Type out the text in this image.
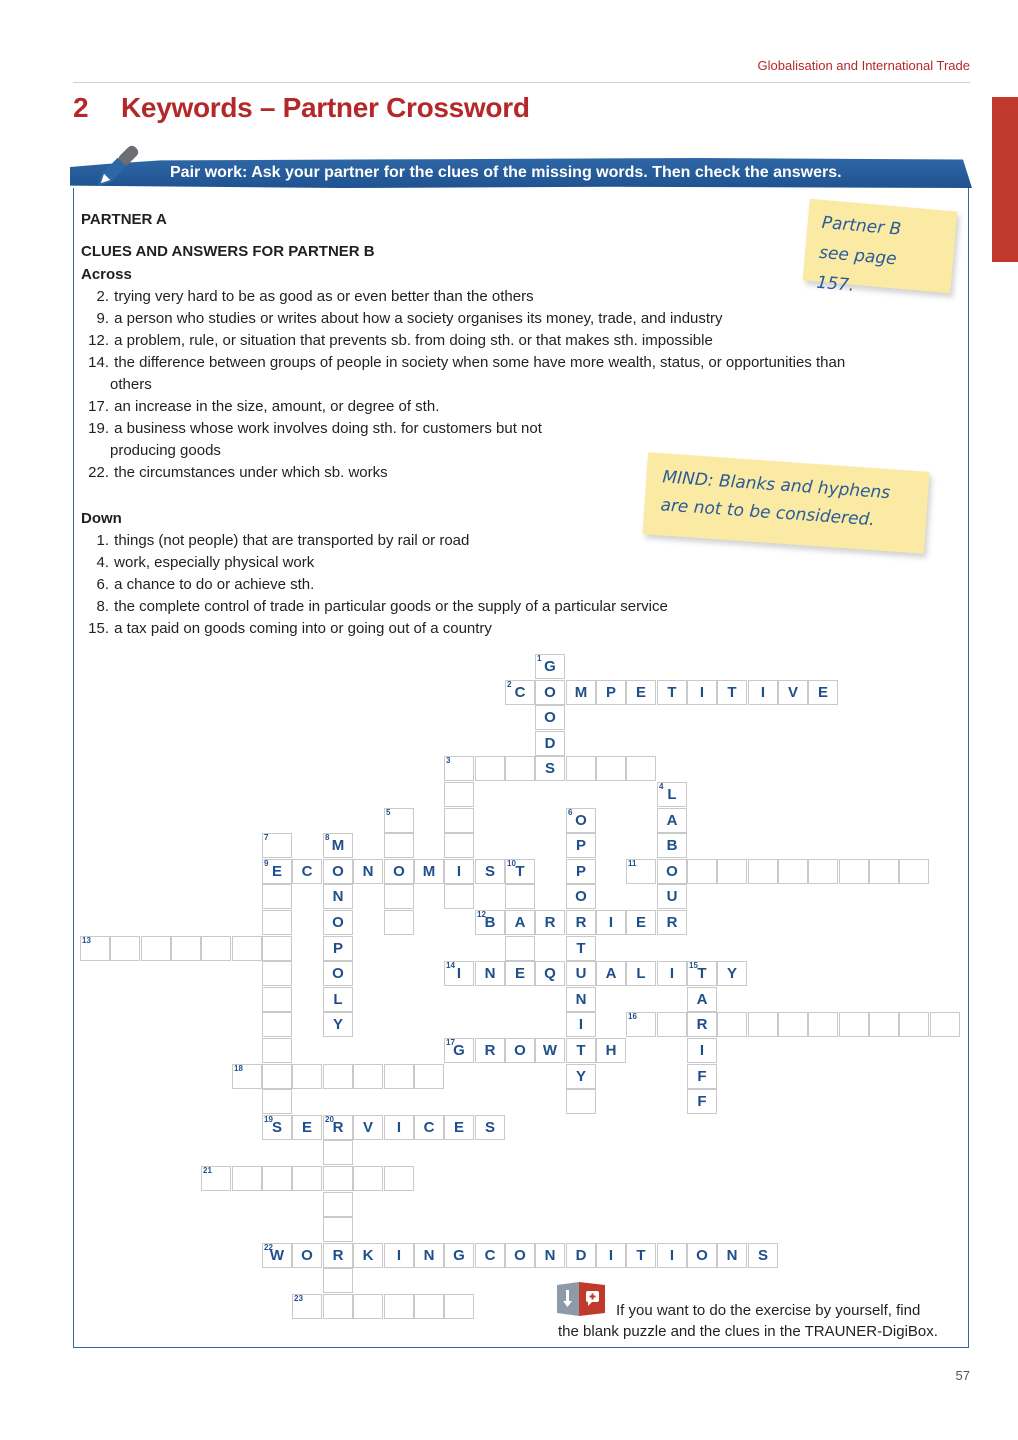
Globalisation and International Trade
2 Keywords – Partner Crossword
Pair work: Ask your partner for the clues of the missing words. Then check the answers.
PARTNER A
CLUES AND ANSWERS FOR PARTNER B
Across
2. trying very hard to be as good as or even better than the others
9. a person who studies or writes about how a society organises its money, trade, and industry
12. a problem, rule, or situation that prevents sb. from doing sth. or that makes sth. impossible
14. the difference between groups of people in society when some have more wealth, status, or opportunities than
others
17. an increase in the size, amount, or degree of sth.
19. a business whose work involves doing sth. for customers but not
producing goods
22. the circumstances under which sb. works
Down
1. things (not people) that are transported by rail or road
4. work, especially physical work
6. a chance to do or achieve sth.
8. the complete control of trade in particular goods or the supply of a particular service
15. a tax paid on goods coming into or going out of a country
Partner B
see page 157.
MIND: Blanks and hyphens
are not to be considered.
1 G
O
O
D
S
2 C	M	P	E	T	I	T	I	V	E
3
I
4 L
A
B
O
U
R
5
O
6 O
P
P
O
R
T
U
N
I
T
Y
7
9 E
19 S
8 M
O
N
O
P
O
L
Y
C	N	M	S	10 T
A
E
11
12
B	R	I	E
13
14 I	N	Q	A	L	I	15 T	Y
A
R
I
F
F
16
17
G	R	O	W	H
18
E	20
R	V	I	C	E	S
R
21
22
W	O	K	I	N	G	C	O	N	D	I	T	I	O	N	S
23
If you want to do the exercise by yourself, find
the blank puzzle and the clues in the TRAUNER-DigiBox.
57
